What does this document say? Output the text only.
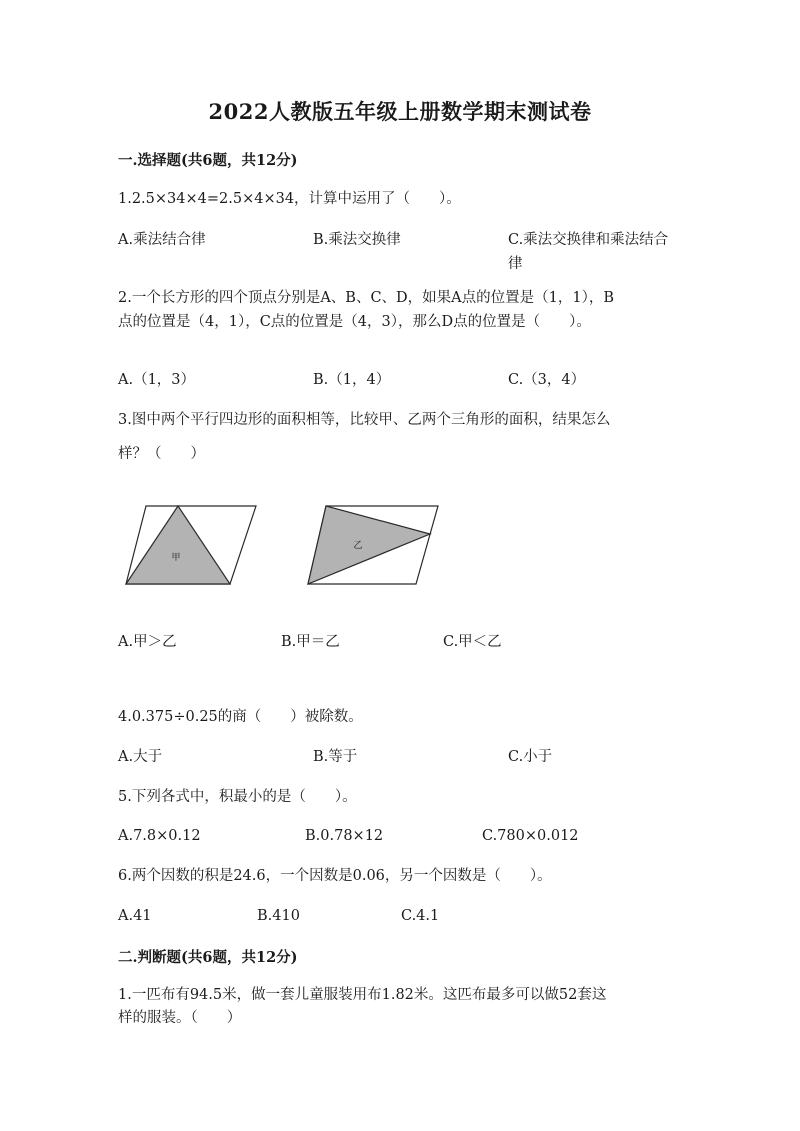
2022人教版五年级上册数学期末测试卷
一.选择题(共6题，共12分)
1.2.5×34×4=2.5×4×34，计算中运用了（　　）。
A.乘法结合律	B.乘法交换律	C.乘法交换律和乘法结合律
2.一个长方形的四个顶点分别是A、B、C、D，如果A点的位置是（1，1），B
点的位置是（4，1），C点的位置是（4，3），那么D点的位置是（　　）。
A.（1，3）	B.（1，4）	C.（3，4）
3.图中两个平行四边形的面积相等，比较甲、乙两个三角形的面积，结果怎么
样？（　　）
甲
乙
A.甲＞乙	B.甲＝乙	C.甲＜乙
4.0.375÷0.25的商（　　）被除数。
A.大于	B.等于	C.小于
5.下列各式中，积最小的是（　　）。
A.7.8×0.12	B.0.78×12	C.780×0.012
6.两个因数的积是24.6，一个因数是0.06，另一个因数是（　　）。
A.41	B.410	C.4.1
二.判断题(共6题，共12分)
1.一匹布有94.5米，做一套儿童服装用布1.82米。这匹布最多可以做52套这
样的服装。（　　）
